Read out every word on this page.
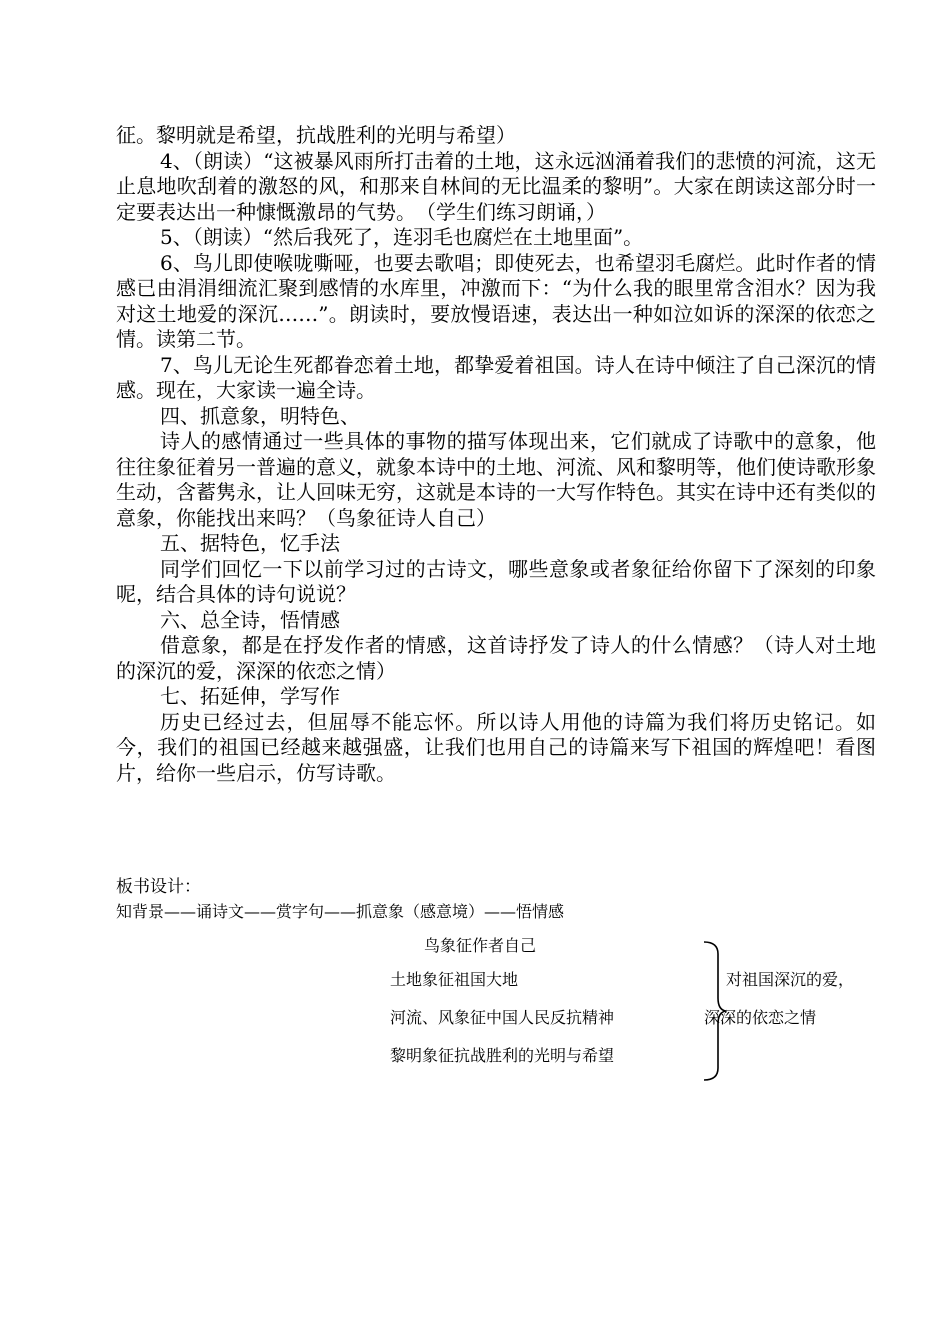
征。黎明就是希望，抗战胜利的光明与希望）

4、（朗读）“这被暴风雨所打击着的土地，这永远汹涌着我们的悲愤的河流，这无止息地吹刮着的激怒的风，和那来自林间的无比温柔的黎明”。大家在朗读这部分时一定要表达出一种慷慨激昂的气势。　（学生们练习朗诵，）

5、（朗读）“然后我死了，连羽毛也腐烂在土地里面”。

6、鸟儿即使喉咙嘶哑，也要去歌唱；即使死去，也希望羽毛腐烂。此时作者的情感已由涓涓细流汇聚到感情的水库里，冲激而下：“为什么我的眼里常含泪水？因为我对这土地爱的深沉……”。朗读时，要放慢语速，表达出一种如泣如诉的深深的依恋之情。读第二节。

7、鸟儿无论生死都眷恋着土地，都挚爱着祖国。诗人在诗中倾注了自己深沉的情感。现在，大家读一遍全诗。

四、抓意象，明特色、

诗人的感情通过一些具体的事物的描写体现出来，它们就成了诗歌中的意象，他往往象征着另一普遍的意义，就象本诗中的土地、河流、风和黎明等，他们使诗歌形象生动，含蓄隽永，让人回味无穷，这就是本诗的一大写作特色。其实在诗中还有类似的意象，你能找出来吗？（鸟象征诗人自己）

五、据特色，忆手法

同学们回忆一下以前学习过的古诗文，哪些意象或者象征给你留下了深刻的印象呢，结合具体的诗句说说？

六、总全诗，悟情感

借意象，都是在抒发作者的情感，这首诗抒发了诗人的什么情感？（诗人对土地的深沉的爱，深深的依恋之情）

七、拓延伸，学写作

历史已经过去，但屈辱不能忘怀。所以诗人用他的诗篇为我们将历史铭记。如今，我们的祖国已经越来越强盛，让我们也用自己的诗篇来写下祖国的辉煌吧！看图片，给你一些启示，仿写诗歌。

板书设计：
知背景——诵诗文——赏字句——抓意象（感意境）——悟情感
鸟象征作者自己
土地象征祖国大地
河流、风象征中国人民反抗精神
黎明象征抗战胜利的光明与希望
对祖国深沉的爱，
深深的依恋之情
